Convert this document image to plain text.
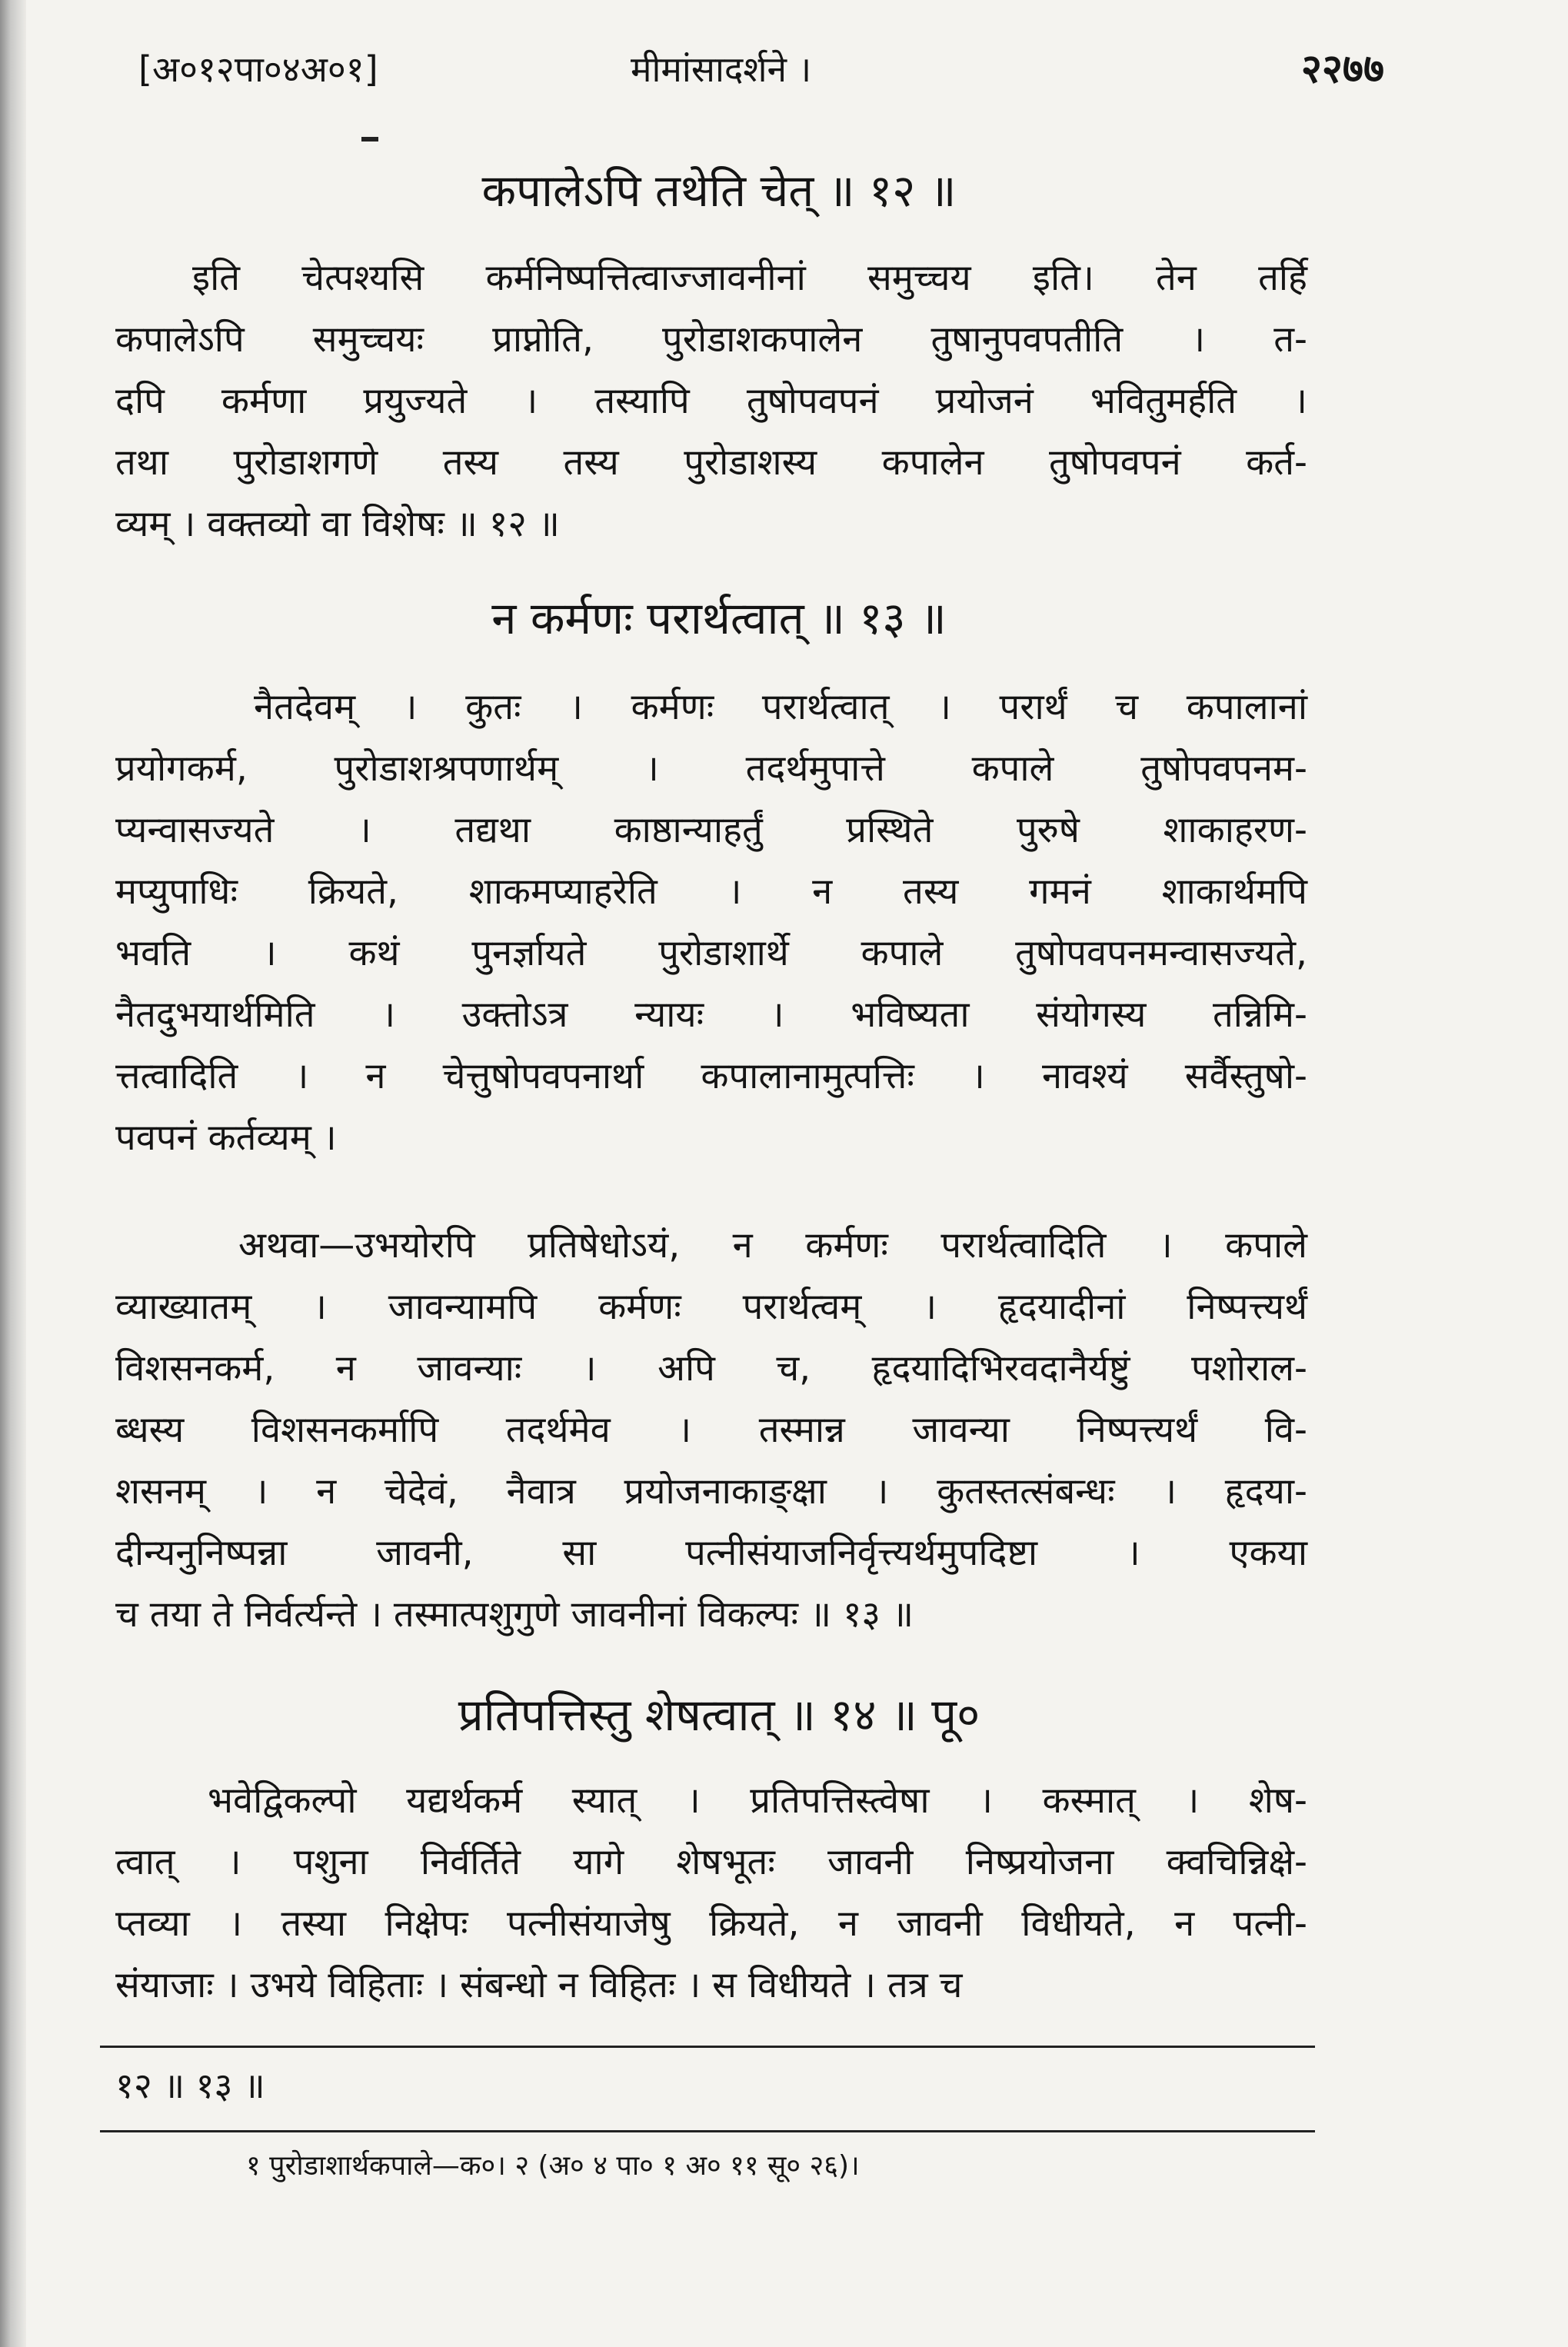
[अ०१२पा०४अ०१]	मीमांसादर्शने ।	२२७७
कपालेऽपि तथेति चेत् ॥ १२ ॥
इति चेत्पश्यसि कर्मनिष्पत्तित्वाज्जावनीनां समुच्चय इति। तेन तर्हि
कपालेऽपि समुच्चयः प्राप्नोति, पुरोडाशकपालेन तुषानुपवपतीति । त-
दपि कर्मणा प्रयुज्यते । तस्यापि तुषोपवपनं प्रयोजनं भवितुमर्हति ।
तथा पुरोडाशगणे तस्य तस्य पुरोडाशस्य कपालेन तुषोपवपनं कर्त-
व्यम् । वक्तव्यो वा विशेषः ॥ १२ ॥
न कर्मणः परार्थत्वात् ॥ १३ ॥
नैतदेवम् । कुतः । कर्मणः परार्थत्वात् । परार्थं च कपालानां
प्रयोगकर्म, पुरोडाशश्रपणार्थम् । तदर्थमुपात्ते कपाले तुषोपवपनम-
प्यन्वासज्यते । तद्यथा काष्ठान्याहर्तुं प्रस्थिते पुरुषे शाकाहरण-
मप्युपाधिः क्रियते, शाकमप्याहरेति । न तस्य गमनं शाकार्थमपि
भवति । कथं पुनर्ज्ञायते पुरोडाशार्थे कपाले तुषोपवपनमन्वासज्यते,
नैतदुभयार्थमिति । उक्तोऽत्र न्यायः । भविष्यता संयोगस्य तन्निमि-
त्तत्वादिति । न चेत्तुषोपवपनार्था कपालानामुत्पत्तिः । नावश्यं सर्वैस्तुषो-
पवपनं कर्तव्यम् ।
अथवा—उभयोरपि प्रतिषेधोऽयं, न कर्मणः परार्थत्वादिति । कपाले
व्याख्यातम् । जावन्यामपि कर्मणः परार्थत्वम् । हृदयादीनां निष्पत्त्यर्थं
विशसनकर्म, न जावन्याः । अपि च, हृदयादिभिरवदानैर्यष्टुं पशोराल-
ब्धस्य विशसनकर्मापि तदर्थमेव । तस्मान्न जावन्या निष्पत्त्यर्थं वि-
शसनम् । न चेदेवं, नैवात्र प्रयोजनाकाङ्क्षा । कुतस्तत्संबन्धः । हृदया-
दीन्यनुनिष्पन्ना जावनी, सा पत्नीसंयाजनिर्वृत्त्यर्थमुपदिष्टा । एकया
च तया ते निर्वर्त्यन्ते । तस्मात्पशुगुणे जावनीनां विकल्पः ॥ १३ ॥
प्रतिपत्तिस्तु शेषत्वात् ॥ १४ ॥ पू०
भवेद्विकल्पो यद्यर्थकर्म स्यात् । प्रतिपत्तिस्त्वेषा । कस्मात् । शेष-
त्वात् । पशुना निर्वर्तिते यागे शेषभूतः जावनी निष्प्रयोजना क्वचिन्निक्षे-
प्तव्या । तस्या निक्षेपः पत्नीसंयाजेषु क्रियते, न जावनी विधीयते, न पत्नी-
संयाजाः । उभये विहिताः । संबन्धो न विहितः । स विधीयते । तत्र च
१२ ॥ १३ ॥
१ पुरोडाशार्थकपाले—क०। २ (अ० ४ पा० १ अ० ११ सू० २६)।
